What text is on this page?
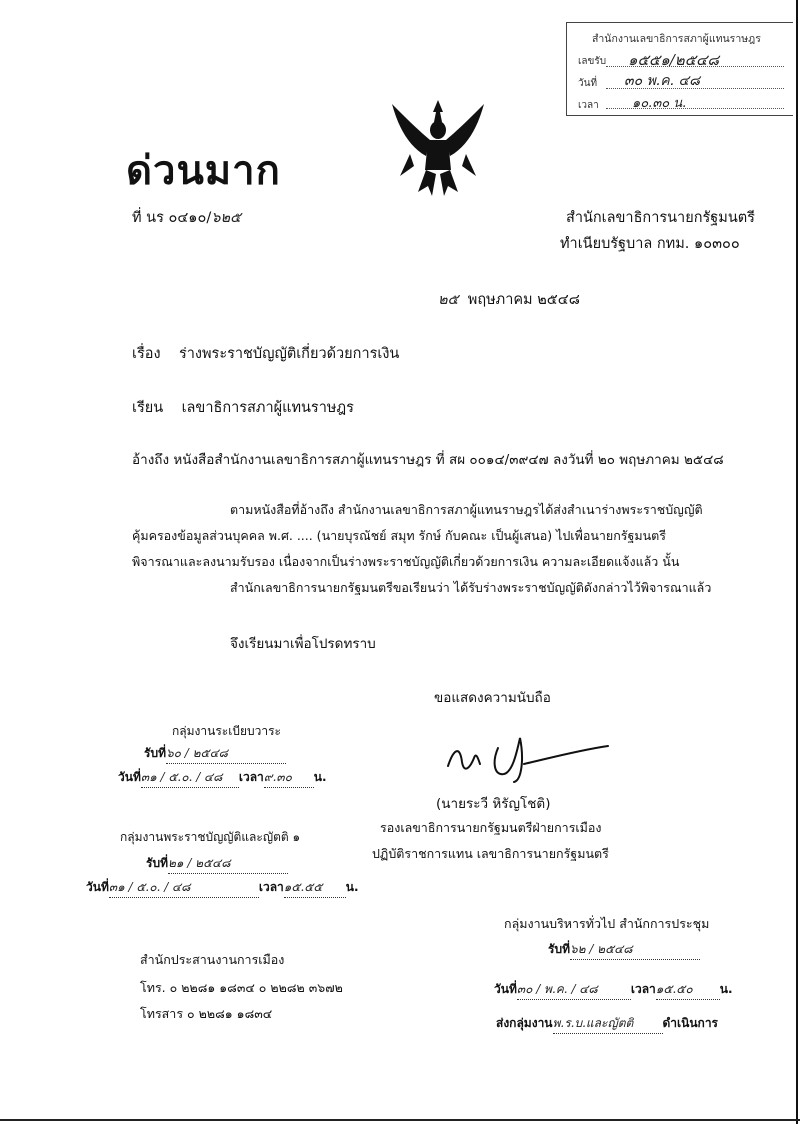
สำนักงานเลขาธิการสภาผู้แทนราษฎร
เลขรับ ๑๕๕๑/๒๕๔๘
วันที่ ๓๐ พ.ค. ๔๘
เวลา	๑๐.๓๐ น.
ด่วนมาก
ที่ นร ๐๔๑๐/๖๒๕	สำนักเลขาธิการนายกรัฐมนตรี
ทำเนียบรัฐบาล กทม. ๑๐๓๐๐
๒๕ พฤษภาคม ๒๕๔๘
เรื่อง ร่างพระราชบัญญัติเกี่ยวด้วยการเงิน
เรียน เลขาธิการสภาผู้แทนราษฎร
อ้างถึง หนังสือสำนักงานเลขาธิการสภาผู้แทนราษฎร ที่ สผ ๐๐๑๔/๓๙๔๗ ลงวันที่ ๒๐ พฤษภาคม ๒๕๔๘
ตามหนังสือที่อ้างถึง สำนักงานเลขาธิการสภาผู้แทนราษฎรได้ส่งสำเนาร่างพระราชบัญญัติ
คุ้มครองข้อมูลส่วนบุคคล พ.ศ. .... (นายบุรณัชย์ สมุท รักษ์ กับคณะ เป็นผู้เสนอ) ไปเพื่อนายกรัฐมนตรี
พิจารณาและลงนามรับรอง เนื่องจากเป็นร่างพระราชบัญญัติเกี่ยวด้วยการเงิน ความละเอียดแจ้งแล้ว นั้น
สำนักเลขาธิการนายกรัฐมนตรีขอเรียนว่า ได้รับร่างพระราชบัญญัติดังกล่าวไว้พิจารณาแล้ว
จึงเรียนมาเพื่อโปรดทราบ
ขอแสดงความนับถือ
(นายระวี หิรัญโชติ)
รองเลขาธิการนายกรัฐมนตรีฝ่ายการเมือง
ปฏิบัติราชการแทน เลขาธิการนายกรัฐมนตรี
กลุ่มงานระเบียบวาระ
รับที่๖๐ / ๒๕๔๘
วันที่๓๑ / ๕.๐. / ๔๘ เวลา๙.๓๐ น.
กลุ่มงานพระราชบัญญัติและญัตติ ๑
รับที่๒๑ / ๒๕๔๘
วันที่๓๑ / ๕.๐. / ๔๘	เวลา๑๕.๕๕ น.
กลุ่มงานบริหารทั่วไป สำนักการประชุม
รับที่๖๒ / ๒๕๔๘
วันที่๓๐ / พ.ค. / ๔๘	เวลา๑๕.๕๐ น.
ส่งกลุ่มงานพ.ร.บ.และญัตติ ดำเนินการ
สำนักประสานงานการเมือง
โทร. ๐ ๒๒๘๑ ๑๘๓๔ ๐ ๒๒๘๒ ๓๖๗๒
โทรสาร ๐ ๒๒๘๑ ๑๘๓๔
